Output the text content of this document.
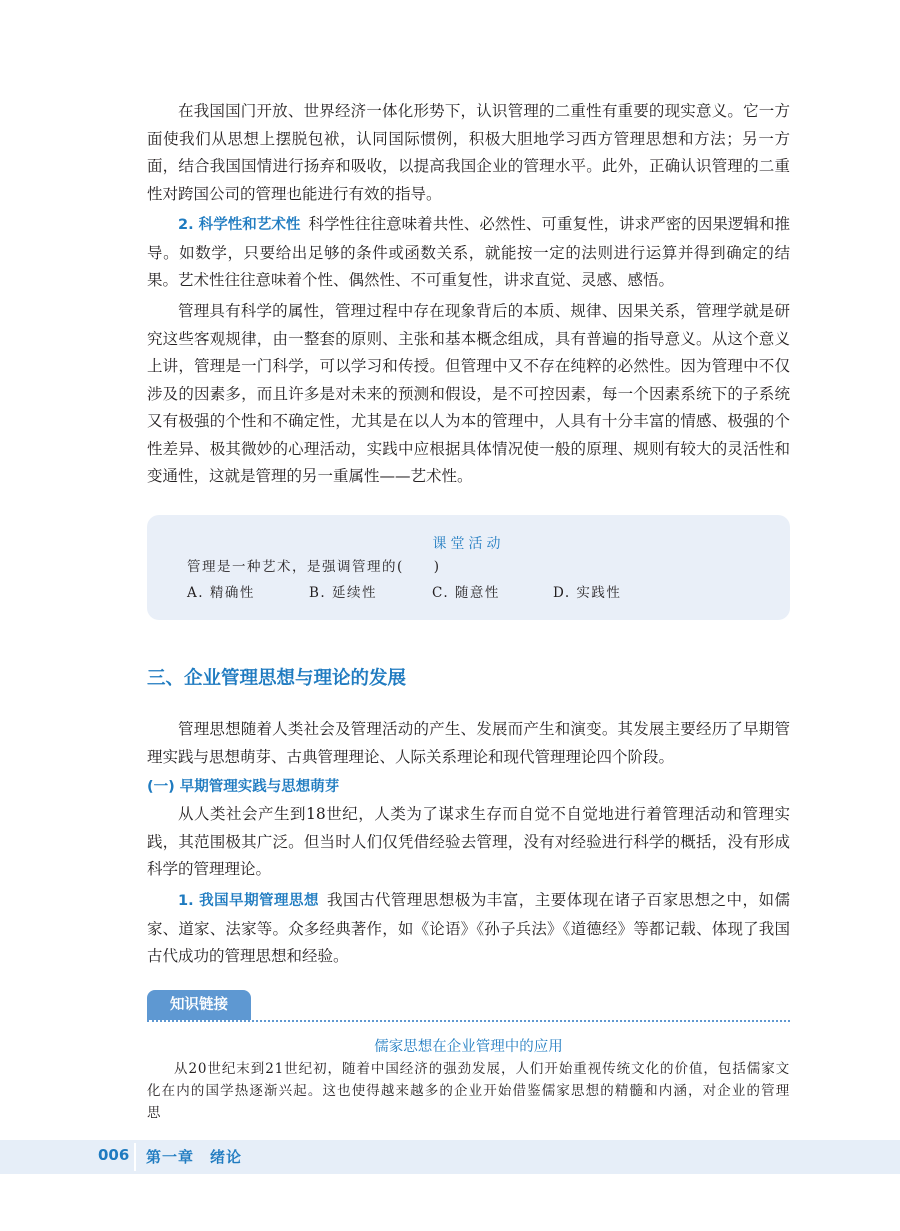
在我国国门开放、世界经济一体化形势下，认识管理的二重性有重要的现实意义。它一方面使我们从思想上摆脱包袱，认同国际惯例，积极大胆地学习西方管理思想和方法；另一方面，结合我国国情进行扬弃和吸收，以提高我国企业的管理水平。此外，正确认识管理的二重性对跨国公司的管理也能进行有效的指导。

2. 科学性和艺术性 科学性往往意味着共性、必然性、可重复性，讲求严密的因果逻辑和推导。如数学，只要给出足够的条件或函数关系，就能按一定的法则进行运算并得到确定的结果。艺术性往往意味着个性、偶然性、不可重复性，讲求直觉、灵感、感悟。

管理具有科学的属性，管理过程中存在现象背后的本质、规律、因果关系，管理学就是研究这些客观规律，由一整套的原则、主张和基本概念组成，具有普遍的指导意义。从这个意义上讲，管理是一门科学，可以学习和传授。但管理中又不存在纯粹的必然性。因为管理中不仅涉及的因素多，而且许多是对未来的预测和假设，是不可控因素，每一个因素系统下的子系统又有极强的个性和不确定性，尤其是在以人为本的管理中，人具有十分丰富的情感、极强的个性差异、极其微妙的心理活动，实践中应根据具体情况使一般的原理、规则有较大的灵活性和变通性，这就是管理的另一重属性——艺术性。

课堂活动
管理是一种艺术，是强调管理的(　　)
A. 精确性	B. 延续性	C. 随意性	D. 实践性
三、企业管理思想与理论的发展

管理思想随着人类社会及管理活动的产生、发展而产生和演变。其发展主要经历了早期管理实践与思想萌芽、古典管理理论、人际关系理论和现代管理理论四个阶段。

(一) 早期管理实践与思想萌芽

从人类社会产生到18世纪，人类为了谋求生存而自觉不自觉地进行着管理活动和管理实践，其范围极其广泛。但当时人们仅凭借经验去管理，没有对经验进行科学的概括，没有形成科学的管理理论。

1. 我国早期管理思想 我国古代管理思想极为丰富，主要体现在诸子百家思想之中，如儒家、道家、法家等。众多经典著作，如《论语》《孙子兵法》《道德经》等都记载、体现了我国古代成功的管理思想和经验。

知识链接
儒家思想在企业管理中的应用

从20世纪末到21世纪初，随着中国经济的强劲发展，人们开始重视传统文化的价值，包括儒家文化在内的国学热逐渐兴起。这也使得越来越多的企业开始借鉴儒家思想的精髓和内涵，对企业的管理思

006 第一章　绪论
